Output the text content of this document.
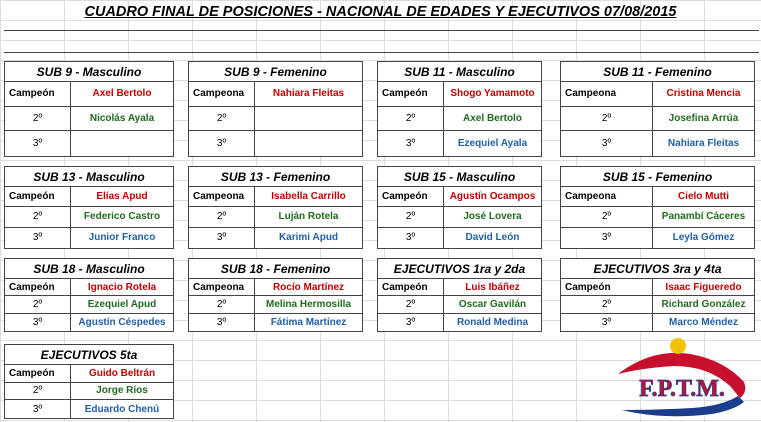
CUADRO FINAL DE POSICIONES - NACIONAL DE EDADES Y EJECUTIVOS 07/08/2015
SUB 9 - Masculino
Campeón	Axel Bertolo
2º	Nicolás Ayala
3º
SUB 9 - Femenino
Campeona	Nahiara Fleitas
2º
3º
SUB 11 - Masculino
Campeón	Shogo Yamamoto
2º	Axel Bertolo
3º	Ezequiel Ayala
SUB 11 - Femenino
Campeona	Cristina Mencia
2º	Josefina Arrúa
3º	Nahiara Fleitas
SUB 13 - Masculino
Campeón	Elías Apud
2º	Federico Castro
3º	Junior Franco
SUB 13 - Femenino
Campeona	Isabella Carrillo
2º	Luján Rotela
3º	Karimi Apud
SUB 15 - Masculino
Campeón	Agustín Ocampos
2º	José Lovera
3º	David León
SUB 15 - Femenino
Campeona	Cielo Mutti
2º	Panambí Cáceres
3º	Leyla Gómez
SUB 18 - Masculino
Campeón	Ignacio Rotela
2º	Ezequiel Apud
3º	Agustín Céspedes
SUB 18 - Femenino
Campeona	Rocío Martínez
2º	Melina Hermosilla
3º	Fátima Martínez
EJECUTIVOS 1ra y 2da
Campeón	Luis Ibáñez
2º	Oscar Gavilán
3º	Ronald Medina
EJECUTIVOS 3ra y 4ta
Campeón	Isaac Figueredo
2º	Richard González
3º	Marco Méndez
EJECUTIVOS 5ta
Campeón	Guido Beltrán
2º	Jorge Ríos
3º	Eduardo Chenú
F.P.T.M.
